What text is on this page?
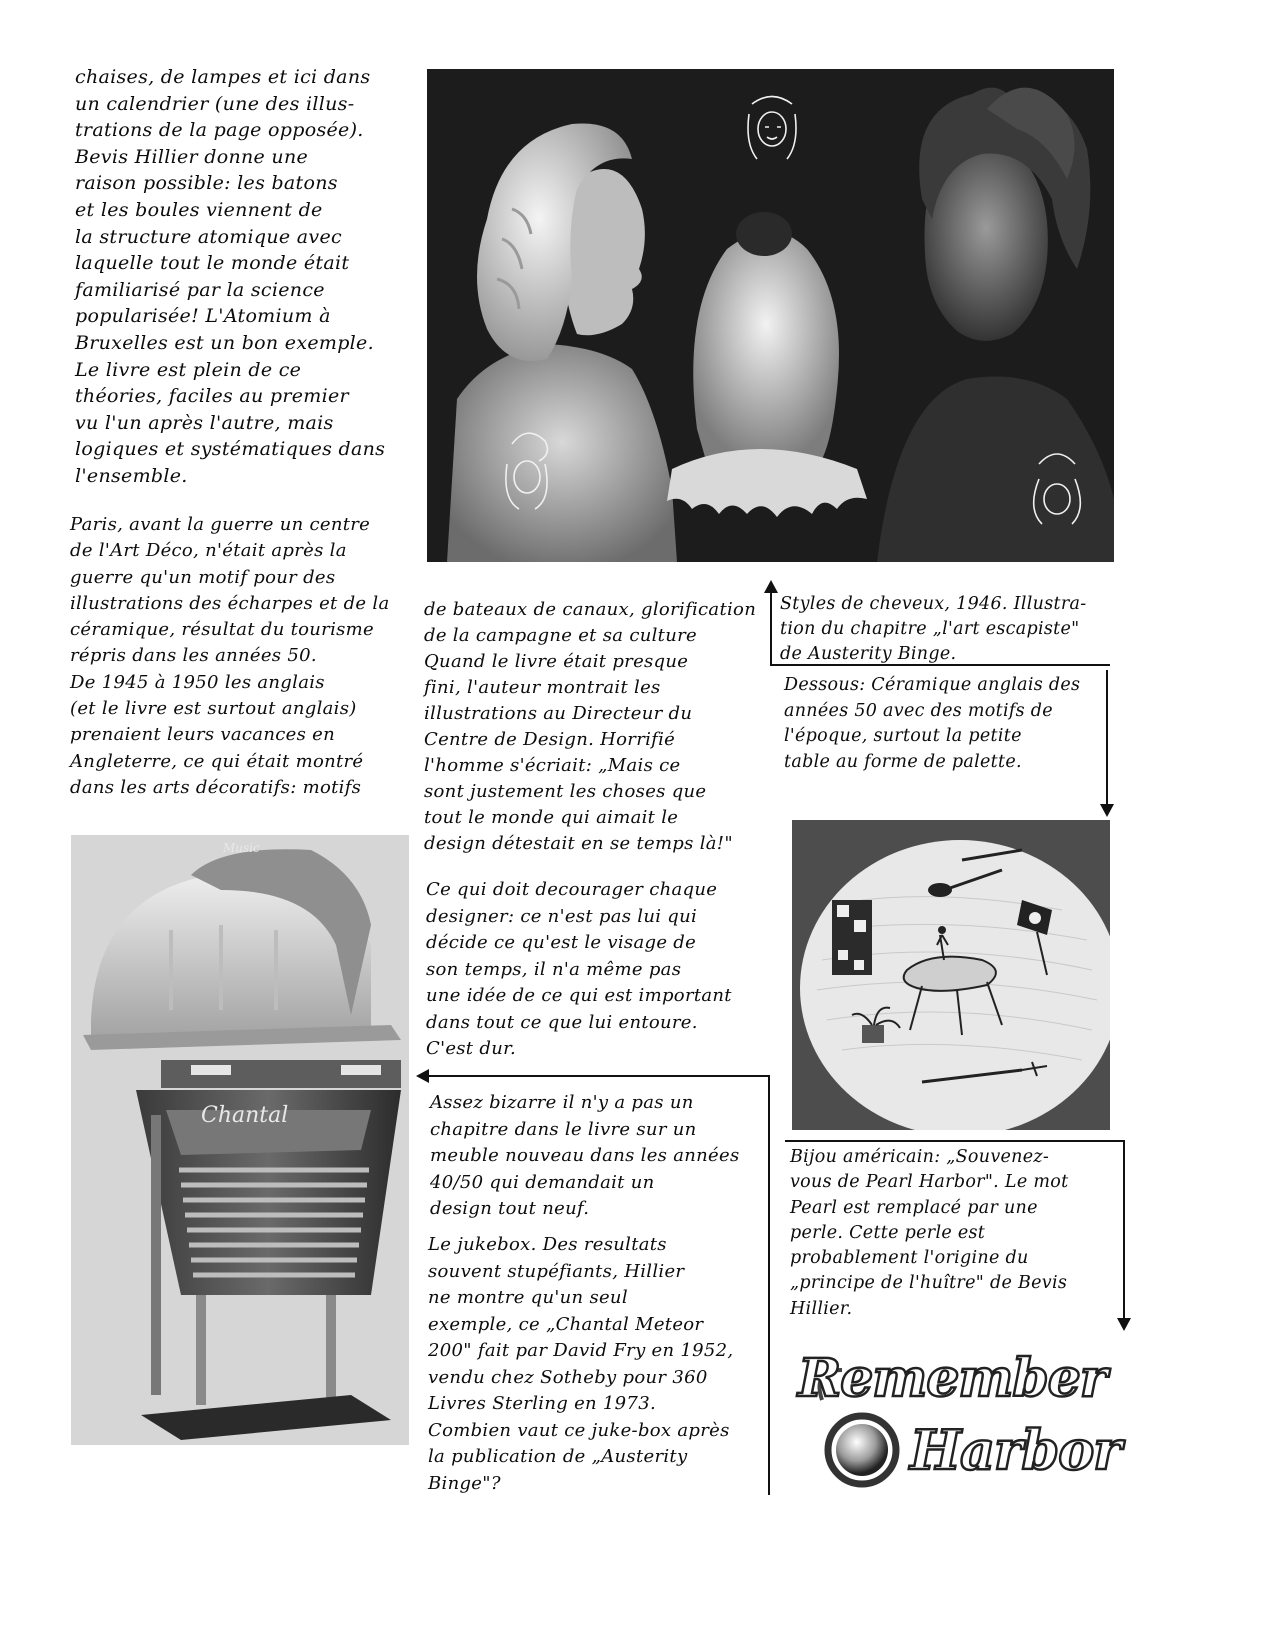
chaises, de lampes et ici dans
un calendrier (une des illus-
trations de la page opposée).
Bevis Hillier donne une
raison possible: les batons
et les boules viennent de
la structure atomique avec
laquelle tout le monde était
familiarisé par la science
popularisée! L'Atomium à
Bruxelles est un bon exemple.
Le livre est plein de ce
théories, faciles au premier
vu l'un après l'autre, mais
logiques et systématiques dans
l'ensemble.
Paris, avant la guerre un centre
de l'Art Déco, n'était après la
guerre qu'un motif pour des
illustrations des écharpes et de la
céramique, résultat du tourisme
répris dans les années 50.
De 1945 à 1950 les anglais
(et le livre est surtout anglais)
prenaient leurs vacances en
Angleterre, ce qui était montré
dans les arts décoratifs: motifs
de bateaux de canaux, glorification
de la campagne et sa culture
Quand le livre était presque
fini, l'auteur montrait les
illustrations au Directeur du
Centre de Design. Horrifié
l'homme s'écriait: „Mais ce
sont justement les choses que
tout le monde qui aimait le
design détestait en se temps là!"
Ce qui doit decourager chaque
designer: ce n'est pas lui qui
décide ce qu'est le visage de
son temps, il n'a même pas
une idée de ce qui est important
dans tout ce que lui entoure.
C'est dur.
Assez bizarre il n'y a pas un
chapitre dans le livre sur un
meuble nouveau dans les années
40/50 qui demandait un
design tout neuf.
Le jukebox. Des resultats
souvent stupéfiants, Hillier
ne montre qu'un seul
exemple, ce „Chantal Meteor
200" fait par David Fry en 1952,
vendu chez Sotheby pour 360
Livres Sterling en 1973.
Combien vaut ce juke-box après
la publication de „Austerity
Binge"?
Chantal
Music
Styles de cheveux, 1946. Illustra-
tion du chapitre „l'art escapiste"
de Austerity Binge.
Dessous: Céramique anglais des
années 50 avec des motifs de
l'époque, surtout la petite
table au forme de palette.
Bijou américain: „Souvenez-
vous de Pearl Harbor". Le mot
Pearl est remplacé par une
perle. Cette perle est
probablement l'origine du
„principe de l'huître" de Bevis
Hillier.
Remember
Harbor
